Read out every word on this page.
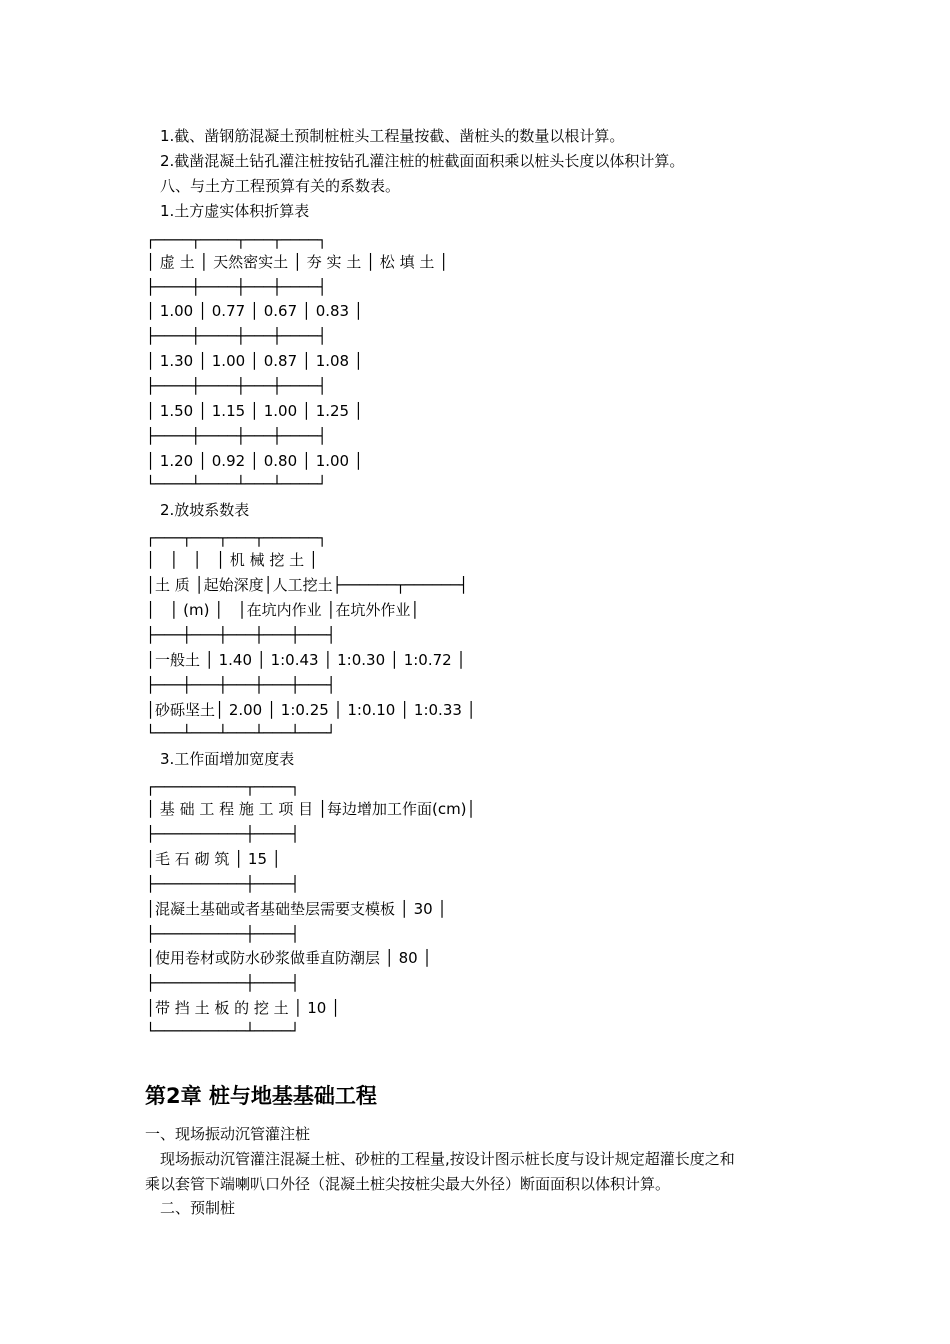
1.截、凿钢筋混凝土预制桩桩头工程量按截、凿桩头的数量以根计算。
2.截凿混凝土钻孔灌注桩按钻孔灌注桩的桩截面面积乘以桩头长度以体积计算。
八、与土方工程预算有关的系数表。
1.土方虚实体积折算表
┌────┬────┬───┬────┐
│ 虚 土 │ 天然密实土 │ 夯 实 土 │ 松 填 土 │
├────┼────┼───┼────┤
│ 1.00 │ 0.77 │ 0.67 │ 0.83 │
├────┼────┼───┼────┤
│ 1.30 │ 1.00 │ 0.87 │ 1.08 │
├────┼────┼───┼────┤
│ 1.50 │ 1.15 │ 1.00 │ 1.25 │
├────┼────┼───┼────┤
│ 1.20 │ 0.92 │ 0.80 │ 1.00 │
└────┴────┴───┴────┘
2.放坡系数表
┌───┬───┬───┬──────┐
│   │   │   │ 机 械 挖 土 │
│土 质 │起始深度│人工挖土├──────┬──────┤
│   │ (m) │   │在坑内作业 │在坑外作业│
├───┼───┼───┼───┼───┤
│一般土 │ 1.40 │ 1:0.43 │ 1:0.30 │ 1:0.72 │
├───┼───┼───┼───┼───┤
│砂砾坚土│ 2.00 │ 1:0.25 │ 1:0.10 │ 1:0.33 │
└───┴───┴───┴───┴───┘
3.工作面增加宽度表
┌──────────┬────┐
│ 基 础 工 程 施 工 项 目 │每边增加工作面(cm)│
├──────────┼────┤
│毛 石 砌 筑 │ 15 │
├──────────┼────┤
│混凝土基础或者基础垫层需要支模板 │ 30 │
├──────────┼────┤
│使用卷材或防水砂浆做垂直防潮层 │ 80 │
├──────────┼────┤
│带 挡 土 板 的 挖 土 │ 10 │
└──────────┴────┘
第2章 桩与地基基础工程
一、现场振动沉管灌注桩
现场振动沉管灌注混凝土桩、砂桩的工程量,按设计图示桩长度与设计规定超灌长度之和
乘以套管下端喇叭口外径（混凝土桩尖按桩尖最大外径）断面面积以体积计算。
二、预制桩
